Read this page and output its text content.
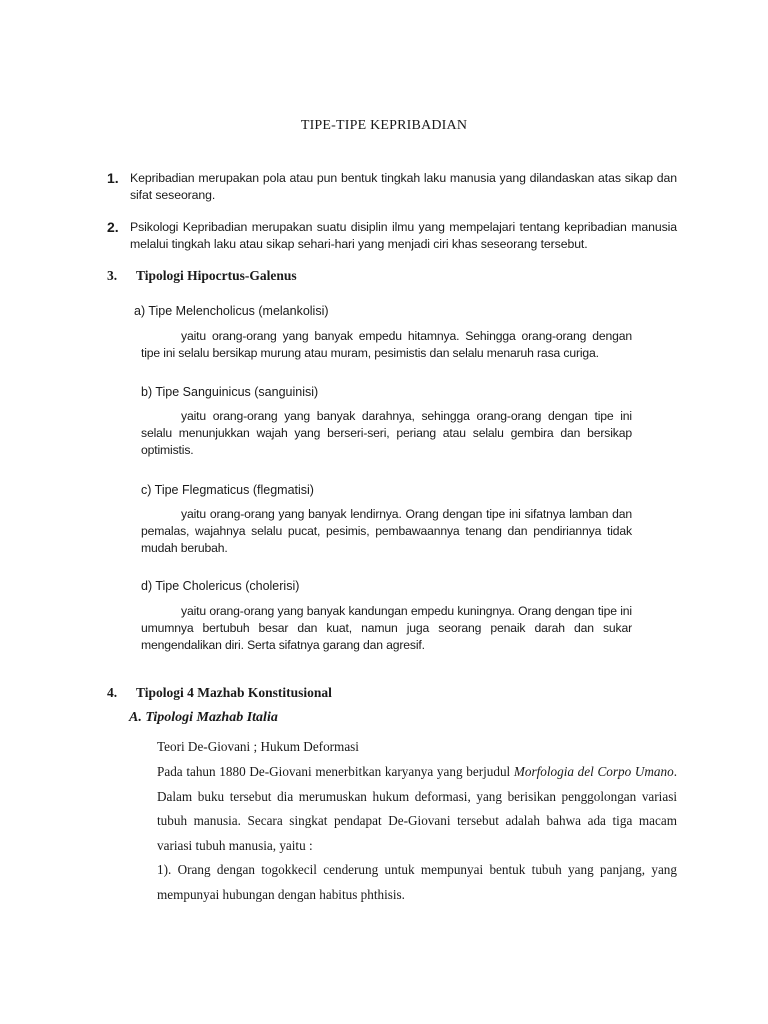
TIPE-TIPE KEPRIBADIAN
1. Kepribadian merupakan pola atau pun bentuk tingkah laku manusia yang dilandaskan atas sikap dan sifat seseorang.
2. Psikologi Kepribadian merupakan suatu disiplin ilmu yang mempelajari tentang kepribadian manusia melalui tingkah laku atau sikap sehari-hari yang menjadi ciri khas seseorang tersebut.
3. Tipologi Hipocrtus-Galenus
a) Tipe Melencholicus (melankolisi)
yaitu orang-orang yang banyak empedu hitamnya. Sehingga orang-orang dengan tipe ini selalu bersikap murung atau muram, pesimistis dan selalu menaruh rasa curiga.
b) Tipe Sanguinicus (sanguinisi)
yaitu orang-orang yang banyak darahnya, sehingga orang-orang dengan tipe ini selalu menunjukkan wajah yang berseri-seri, periang atau selalu gembira dan bersikap optimistis.
c) Tipe Flegmaticus (flegmatisi)
yaitu orang-orang yang banyak lendirnya. Orang dengan tipe ini sifatnya lamban dan pemalas, wajahnya selalu pucat, pesimis, pembawaannya tenang dan pendiriannya tidak mudah berubah.
d) Tipe Cholericus (cholerisi)
yaitu orang-orang yang banyak kandungan empedu kuningnya. Orang dengan tipe ini umumnya bertubuh besar dan kuat, namun juga seorang penaik darah dan sukar mengendalikan diri. Serta sifatnya garang dan agresif.
4. Tipologi 4 Mazhab Konstitusional
A. Tipologi Mazhab Italia
Teori De-Giovani ; Hukum Deformasi
Pada tahun 1880 De-Giovani menerbitkan karyanya yang berjudul Morfologia del Corpo Umano. Dalam buku tersebut dia merumuskan hukum deformasi, yang berisikan penggolongan variasi tubuh manusia. Secara singkat pendapat De-Giovani tersebut adalah bahwa ada tiga macam variasi tubuh manusia, yaitu :
1). Orang dengan togokkecil cenderung untuk mempunyai bentuk tubuh yang panjang, yang mempunyai hubungan dengan habitus phthisis.
